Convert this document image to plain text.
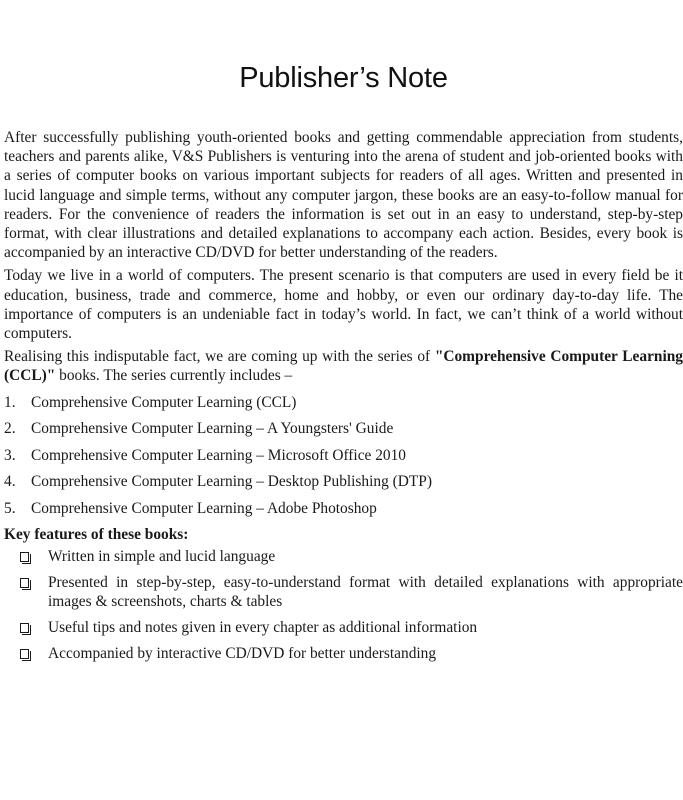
Publisher’s Note

After successfully publishing youth-oriented books and getting commendable appreciation from students, teachers and parents alike, V&S Publishers is venturing into the arena of student and job-oriented books with a series of computer books on various important subjects for readers of all ages. Written and presented in lucid language and simple terms, without any computer jargon, these books are an easy-to-follow manual for readers. For the convenience of readers the information is set out in an easy to understand, step-by-step format, with clear illustrations and detailed explanations to accompany each action. Besides, every book is accompanied by an interactive CD/DVD for better understanding of the readers.

Today we live in a world of computers. The present scenario is that computers are used in every field be it education, business, trade and commerce, home and hobby, or even our ordinary day-to-day life. The importance of computers is an undeniable fact in today’s world. In fact, we can’t think of a world without computers.

Realising this indisputable fact, we are coming up with the series of "Comprehensive Computer Learning (CCL)" books. The series currently includes –

1.	Comprehensive Computer Learning (CCL)
2.	Comprehensive Computer Learning – A Youngsters' Guide
3.	Comprehensive Computer Learning – Microsoft Office 2010
4.	Comprehensive Computer Learning – Desktop Publishing (DTP)
5.	Comprehensive Computer Learning – Adobe Photoshop

Key features of these books:

Written in simple and lucid language
Presented in step-by-step, easy-to-understand format with detailed explanations with appropriate images & screenshots, charts & tables
Useful tips and notes given in every chapter as additional information
Accompanied by interactive CD/DVD for better understanding
